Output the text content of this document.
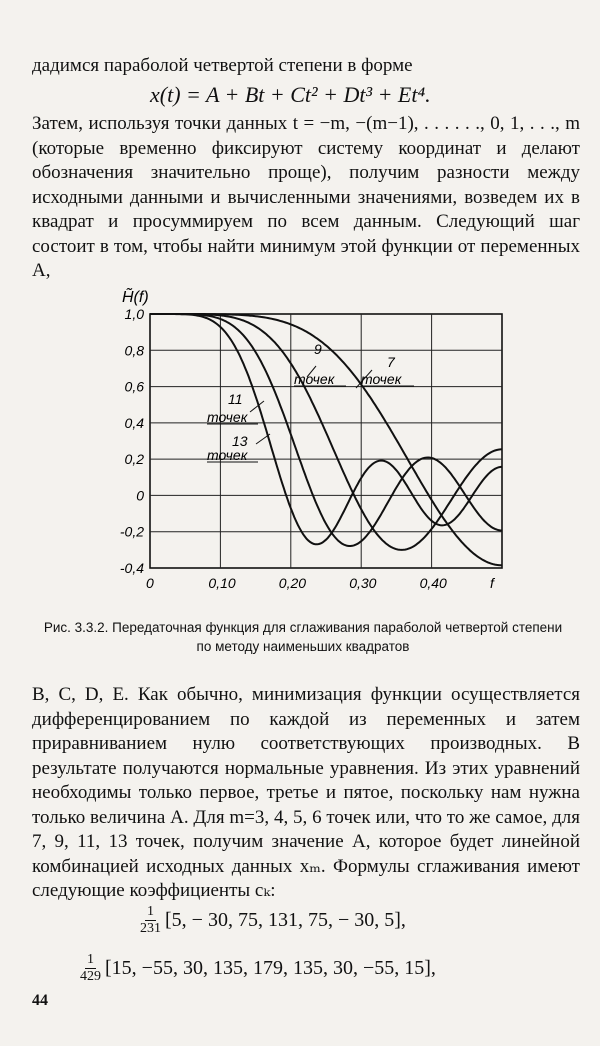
дадимся параболой четвертой степени в форме
x(t) = A + Bt + Ct² + Dt³ + Et⁴.
Затем, используя точки данных t = −m, −(m−1), . . . . . ., 0, 1, . . ., m (которые временно фиксируют систему координат и делают обозначения значительно проще), получим разности между исходными данными и вычисленными значениями, возведем их в квадрат и просуммируем по всем данным. Следующий шаг состоит в том, чтобы найти минимум этой функции от переменных A,
0	0,10	0,20	0,30	0,40	f
1,0
0,8
0,6
0,4
0,2
0
-0,2
-0,4
H̃(f)
9
точек
7
точек
11
точек
13
точек
Рис. 3.3.2. Передаточная функция для сглаживания параболой четвертой степени по методу наименьших квадратов
B, C, D, E. Как обычно, минимизация функции осуществляется дифференцированием по каждой из переменных и затем приравниванием нулю соответствующих производных. В результате получаются нормальные уравнения. Из этих уравнений необходимы только первое, третье и пятое, поскольку нам нужна только величина A. Для m=3, 4, 5, 6 точек или, что то же самое, для 7, 9, 11, 13 точек, получим значение A, которое будет линейной комбинацией исходных данных xₘ. Формулы сглаживания имеют следующие коэффициенты cₖ:
$\frac{1}{231} [5$, − 30, 75, 131, 75, − 30, 5],
$\frac{1}{429} [15$, −55, 30, 135, 179, 135, 30, −55, 15],
44
